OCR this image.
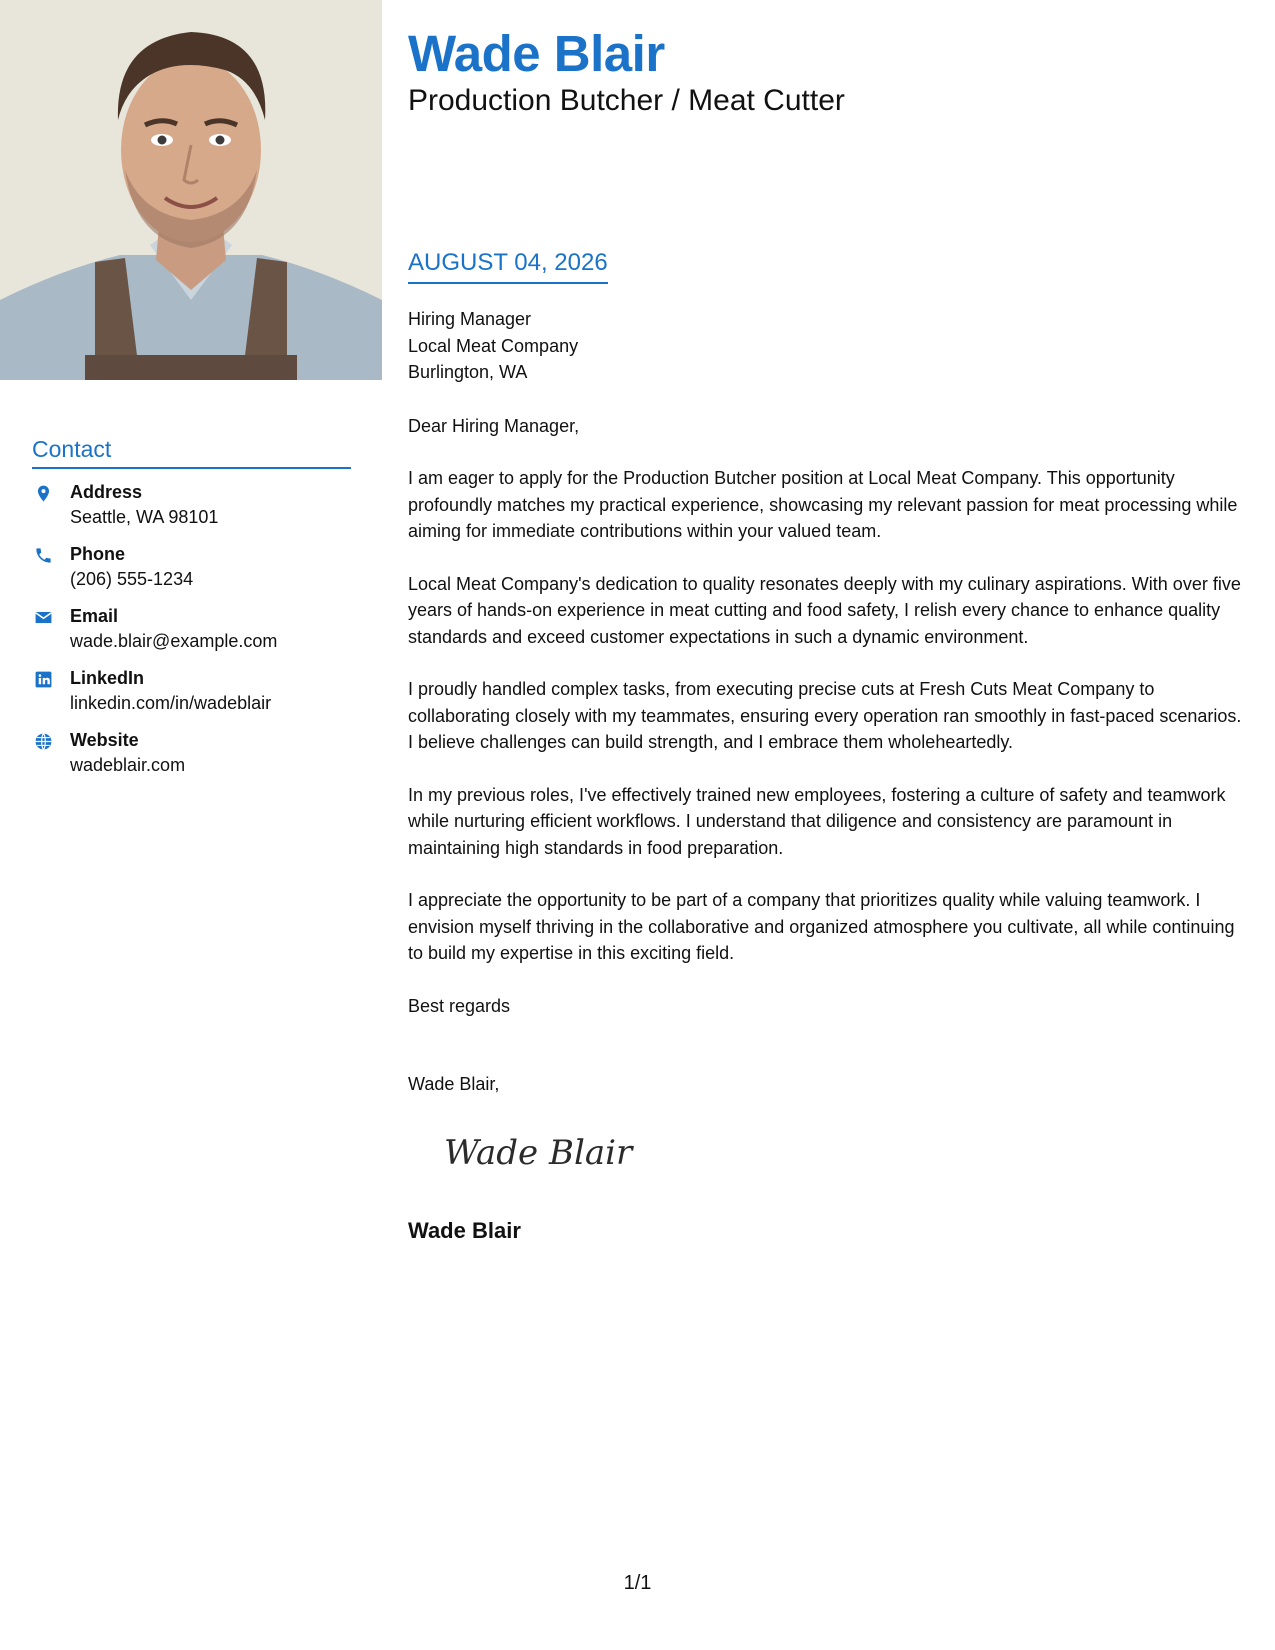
Contact
Address
Seattle, WA 98101
Phone
(206) 555-1234
Email
wade.blair@example.com
LinkedIn
linkedin.com/in/wadeblair
Website
wadeblair.com
Wade Blair
Production Butcher / Meat Cutter
AUGUST 04, 2026
Hiring Manager
Local Meat Company
Burlington, WA
Dear Hiring Manager,
I am eager to apply for the Production Butcher position at Local Meat Company. This opportunity profoundly matches my practical experience, showcasing my relevant passion for meat processing while aiming for immediate contributions within your valued team.
Local Meat Company's dedication to quality resonates deeply with my culinary aspirations. With over five years of hands-on experience in meat cutting and food safety, I relish every chance to enhance quality standards and exceed customer expectations in such a dynamic environment.
I proudly handled complex tasks, from executing precise cuts at Fresh Cuts Meat Company to collaborating closely with my teammates, ensuring every operation ran smoothly in fast-paced scenarios. I believe challenges can build strength, and I embrace them wholeheartedly.
In my previous roles, I've effectively trained new employees, fostering a culture of safety and teamwork while nurturing efficient workflows. I understand that diligence and consistency are paramount in maintaining high standards in food preparation.
I appreciate the opportunity to be part of a company that prioritizes quality while valuing teamwork. I envision myself thriving in the collaborative and organized atmosphere you cultivate, all while continuing to build my expertise in this exciting field.
Best regards
Wade Blair,
Wade Blair
Wade Blair
1/1
